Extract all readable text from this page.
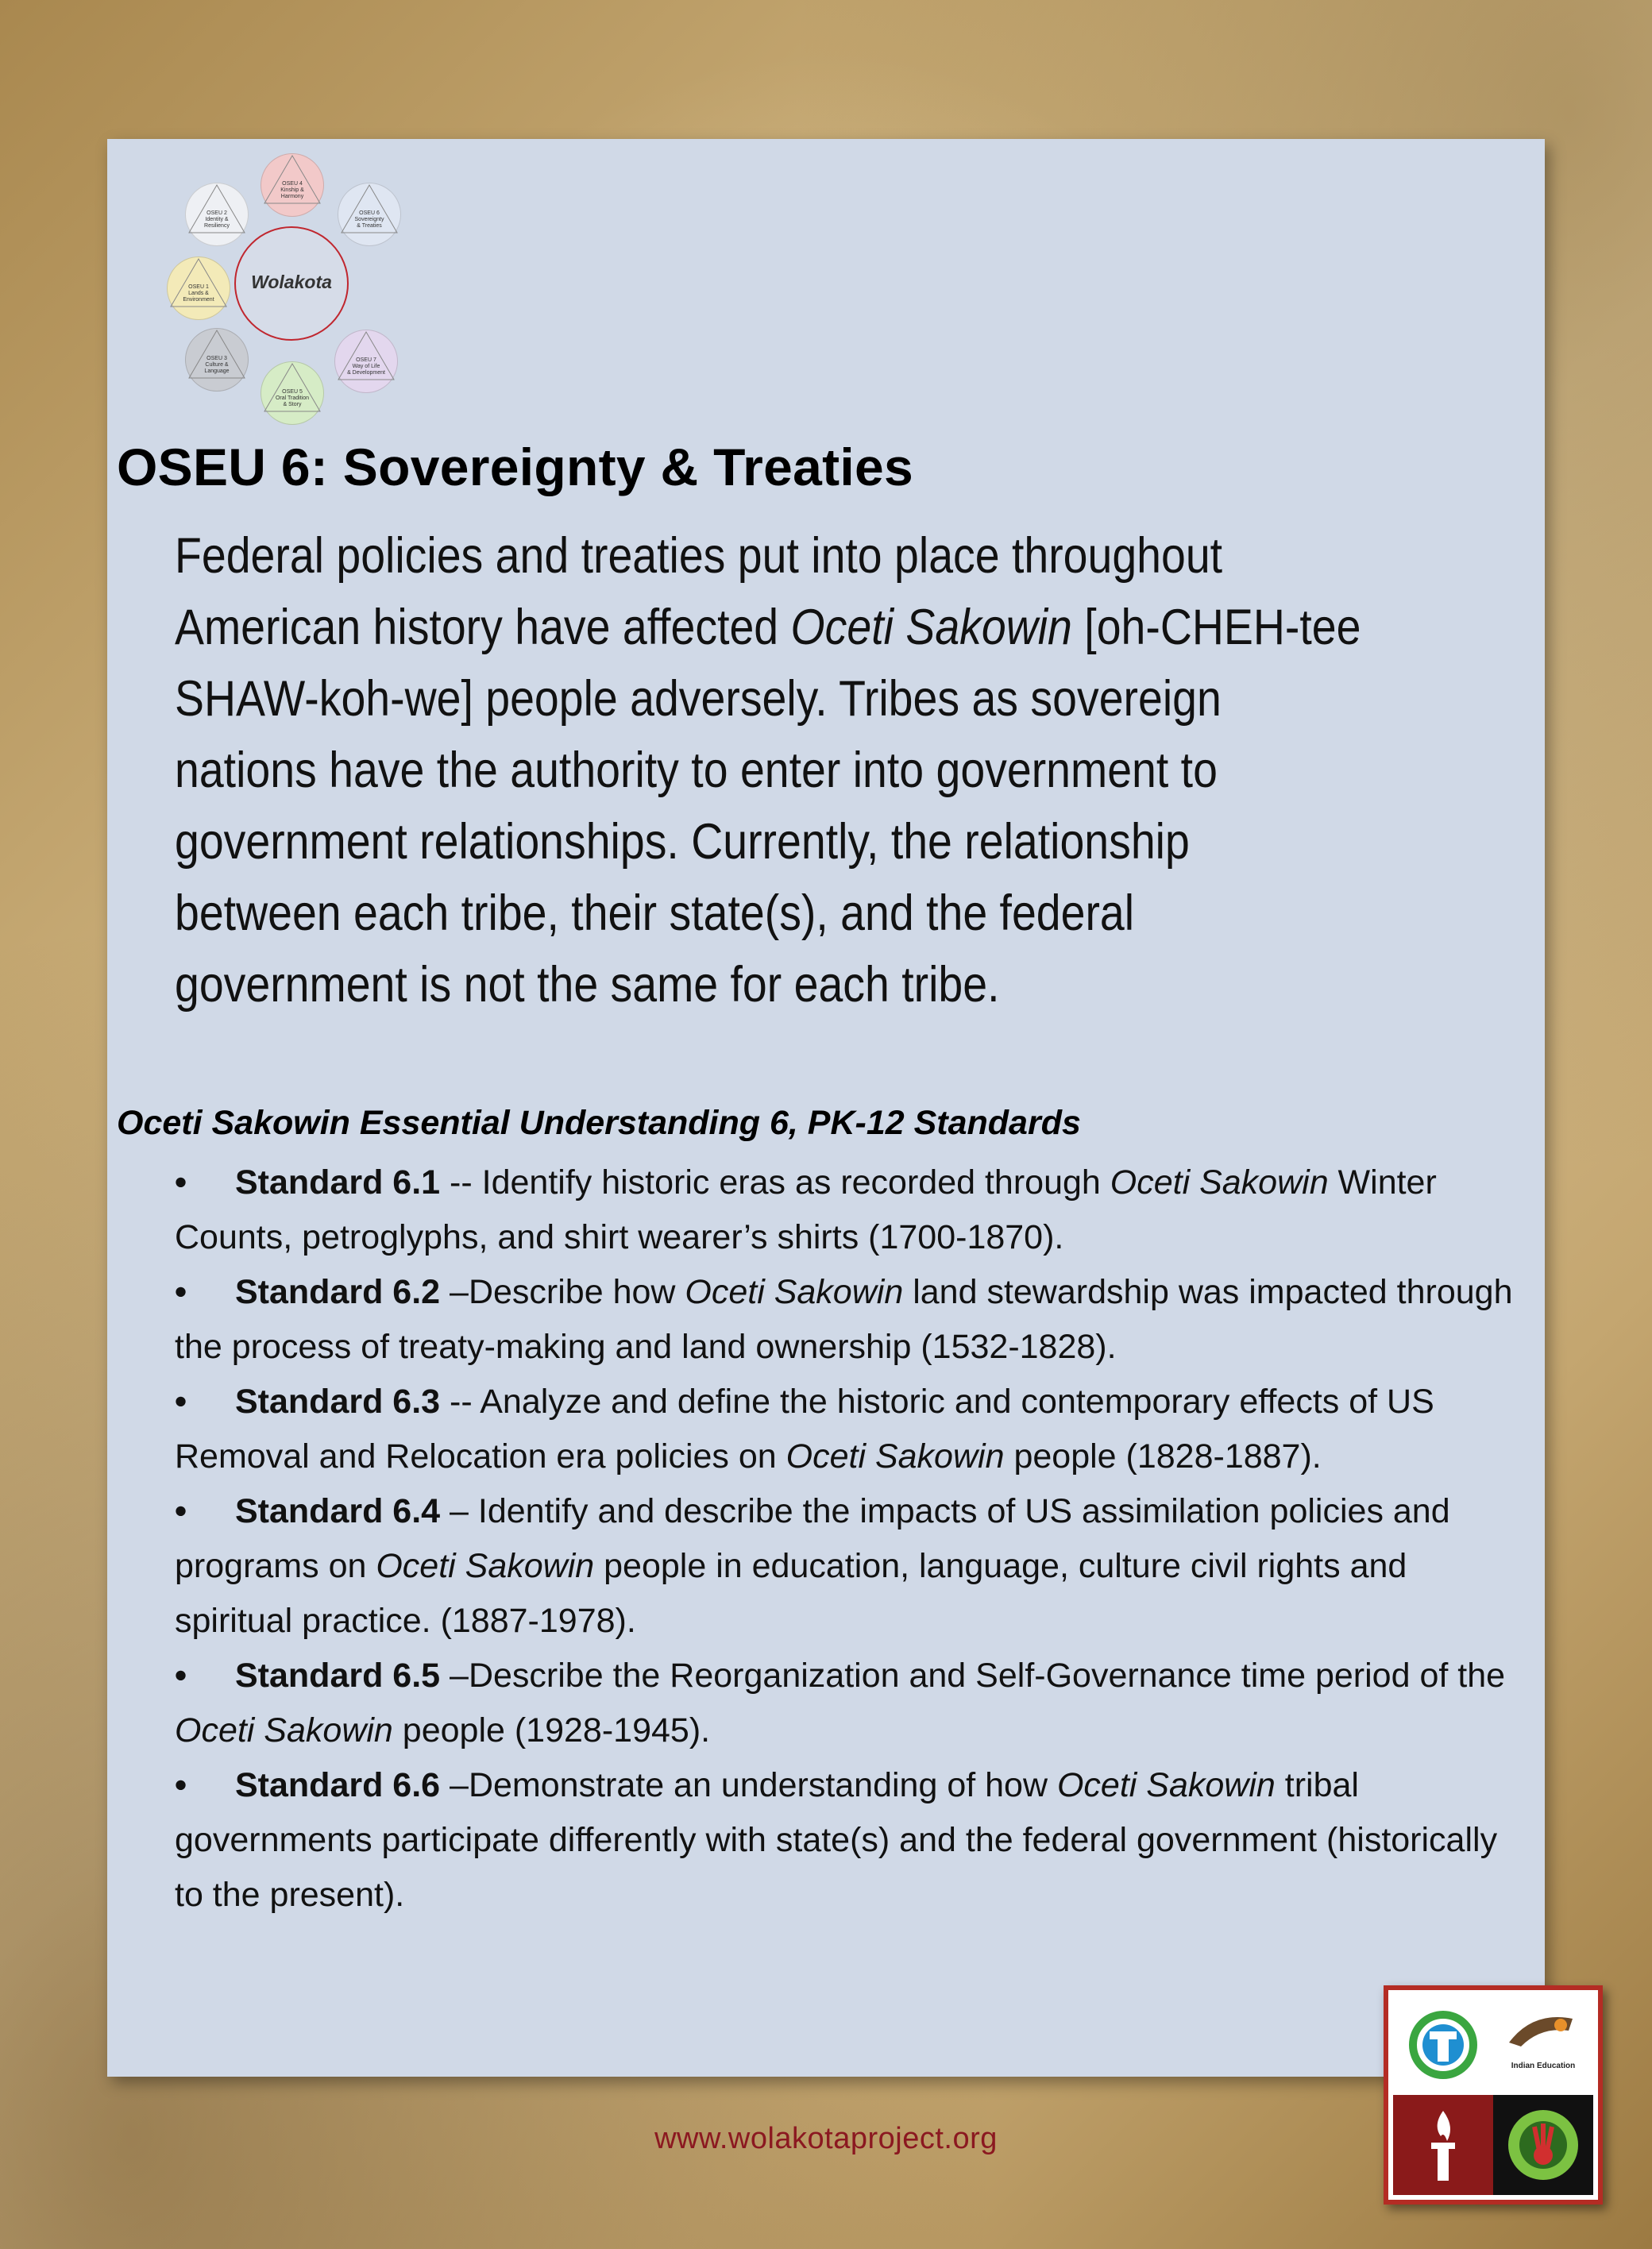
Wolakota
OSEU 4
Kinship &
Harmony
OSEU 2
Identity &
Resiliency
OSEU 6
Sovereignty
& Treaties
OSEU 1
Lands &
Environment
OSEU 3
Culture &
Language
OSEU 7
Way of Life
& Development
OSEU 5
Oral Tradition
& Story
OSEU 6: Sovereignty & Treaties

Federal policies and treaties put into place throughout American history have affected Oceti Sakowin [oh-CHEH-tee SHAW-koh-we] people adversely. Tribes as sovereign nations have the authority to enter into government to government relationships. Currently, the relationship between each tribe, their state(s), and the federal government is not the same for each tribe.

Oceti Sakowin Essential Understanding 6, PK-12 Standards
• Standard 6.1 -- Identify historic eras as recorded through Oceti Sakowin Winter Counts, petroglyphs, and shirt wearer’s shirts (1700-1870).
• Standard 6.2 –Describe how Oceti Sakowin land stewardship was impacted through the process of treaty-making and land ownership (1532-1828).
• Standard 6.3 -- Analyze and define the historic and contemporary effects of US Removal and Relocation era policies on Oceti Sakowin people (1828-1887).
• Standard 6.4 – Identify and describe the impacts of US assimilation policies and programs on Oceti Sakowin people in education, language, culture civil rights and spiritual practice. (1887-1978).
• Standard 6.5 –Describe the Reorganization and Self-Governance time period of the Oceti Sakowin people (1928-1945).
• Standard 6.6 –Demonstrate an understanding of how Oceti Sakowin tribal governments participate differently with state(s) and the federal government (historically to the present).
Indian Education
www.wolakotaproject.org
